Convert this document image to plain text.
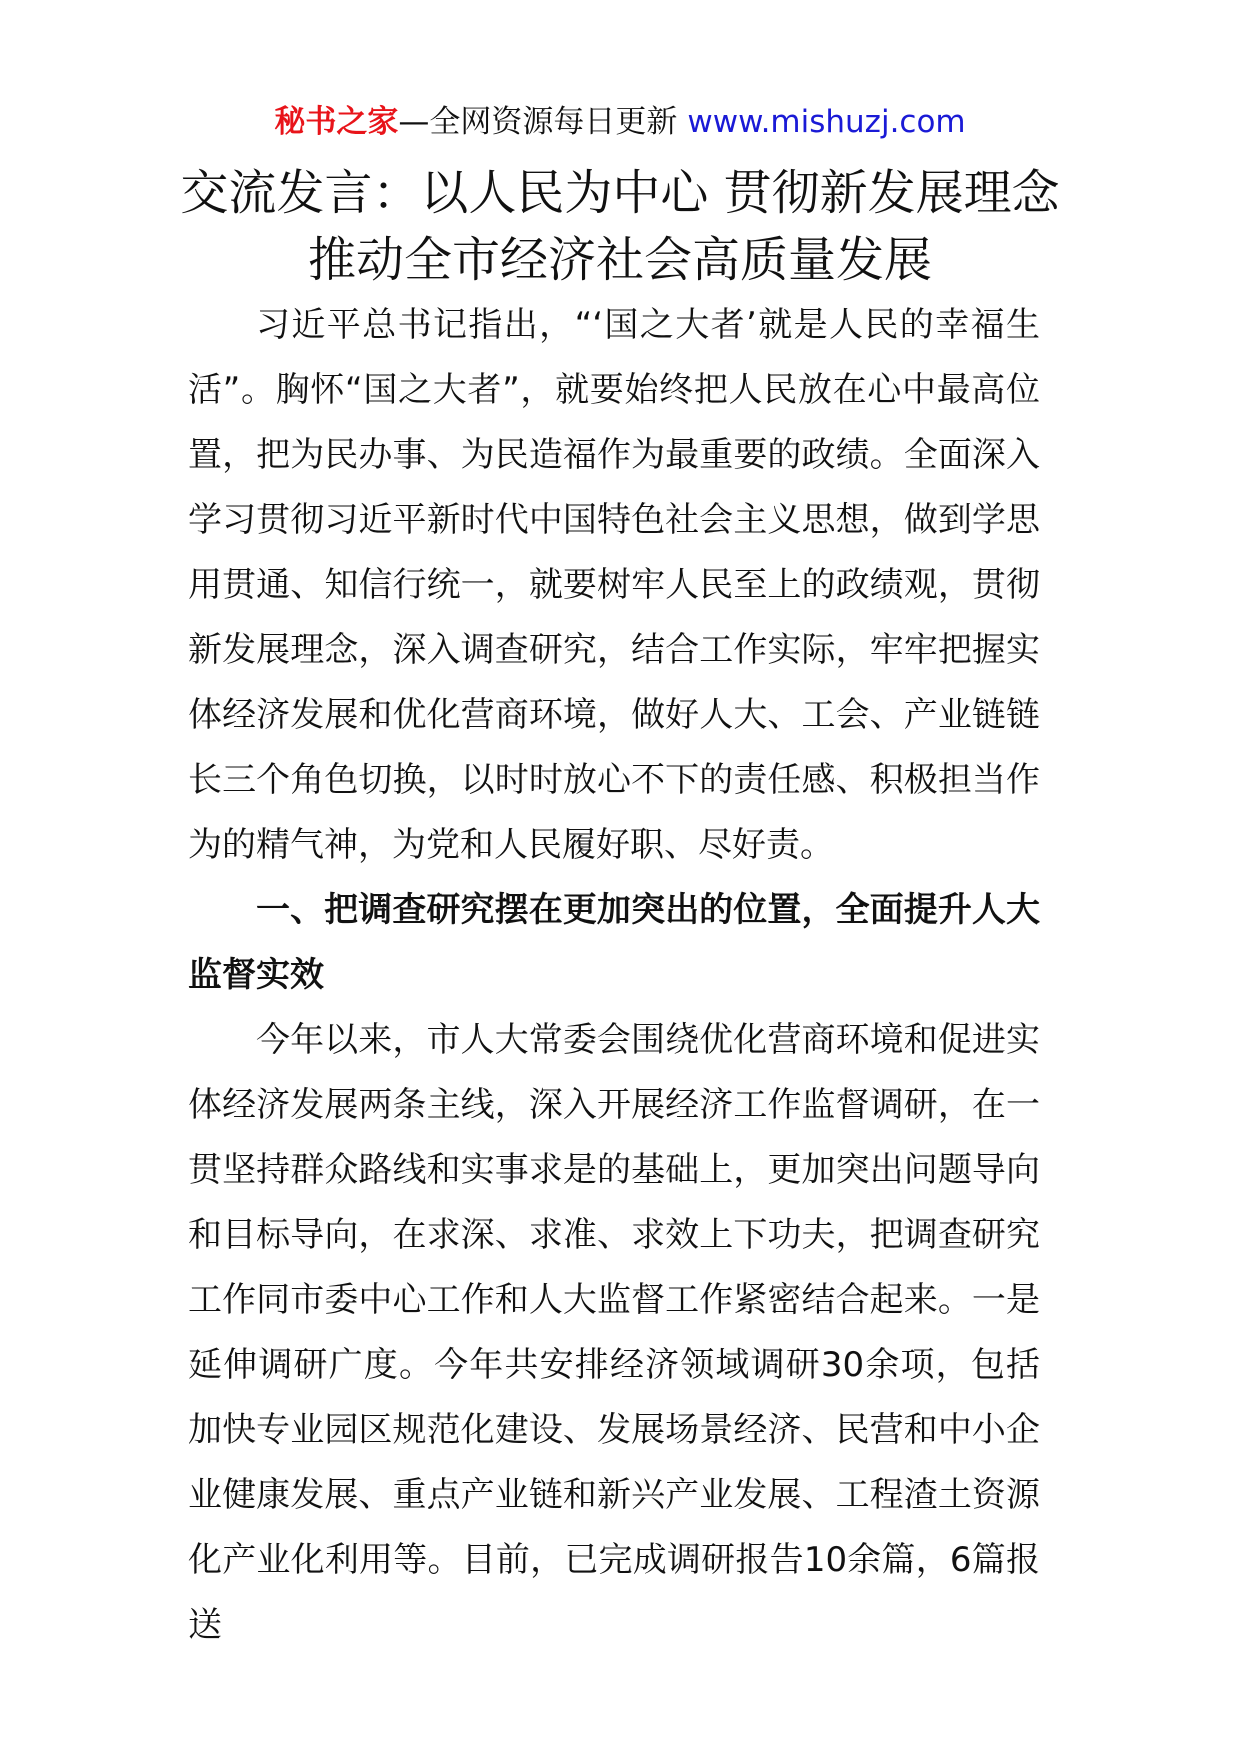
秘书之家—全网资源每日更新 www.mishuzj.com
交流发言：以人民为中心 贯彻新发展理念
推动全市经济社会高质量发展

习近平总书记指出，“‘国之大者’就是人民的幸福生活”。胸怀“国之大者”，就要始终把人民放在心中最高位置，把为民办事、为民造福作为最重要的政绩。全面深入学习贯彻习近平新时代中国特色社会主义思想，做到学思用贯通、知信行统一，就要树牢人民至上的政绩观，贯彻新发展理念，深入调查研究，结合工作实际，牢牢把握实体经济发展和优化营商环境，做好人大、工会、产业链链长三个角色切换，以时时放心不下的责任感、积极担当作为的精气神，为党和人民履好职、尽好责。

一、把调查研究摆在更加突出的位置，全面提升人大监督实效

今年以来，市人大常委会围绕优化营商环境和促进实体经济发展两条主线，深入开展经济工作监督调研，在一贯坚持群众路线和实事求是的基础上，更加突出问题导向和目标导向，在求深、求准、求效上下功夫，把调查研究工作同市委中心工作和人大监督工作紧密结合起来。一是延伸调研广度。今年共安排经济领域调研30余项，包括加快专业园区规范化建设、发展场景经济、民营和中小企业健康发展、重点产业链和新兴产业发展、工程渣土资源化产业化利用等。目前，已完成调研报告10余篇，6篇报送
